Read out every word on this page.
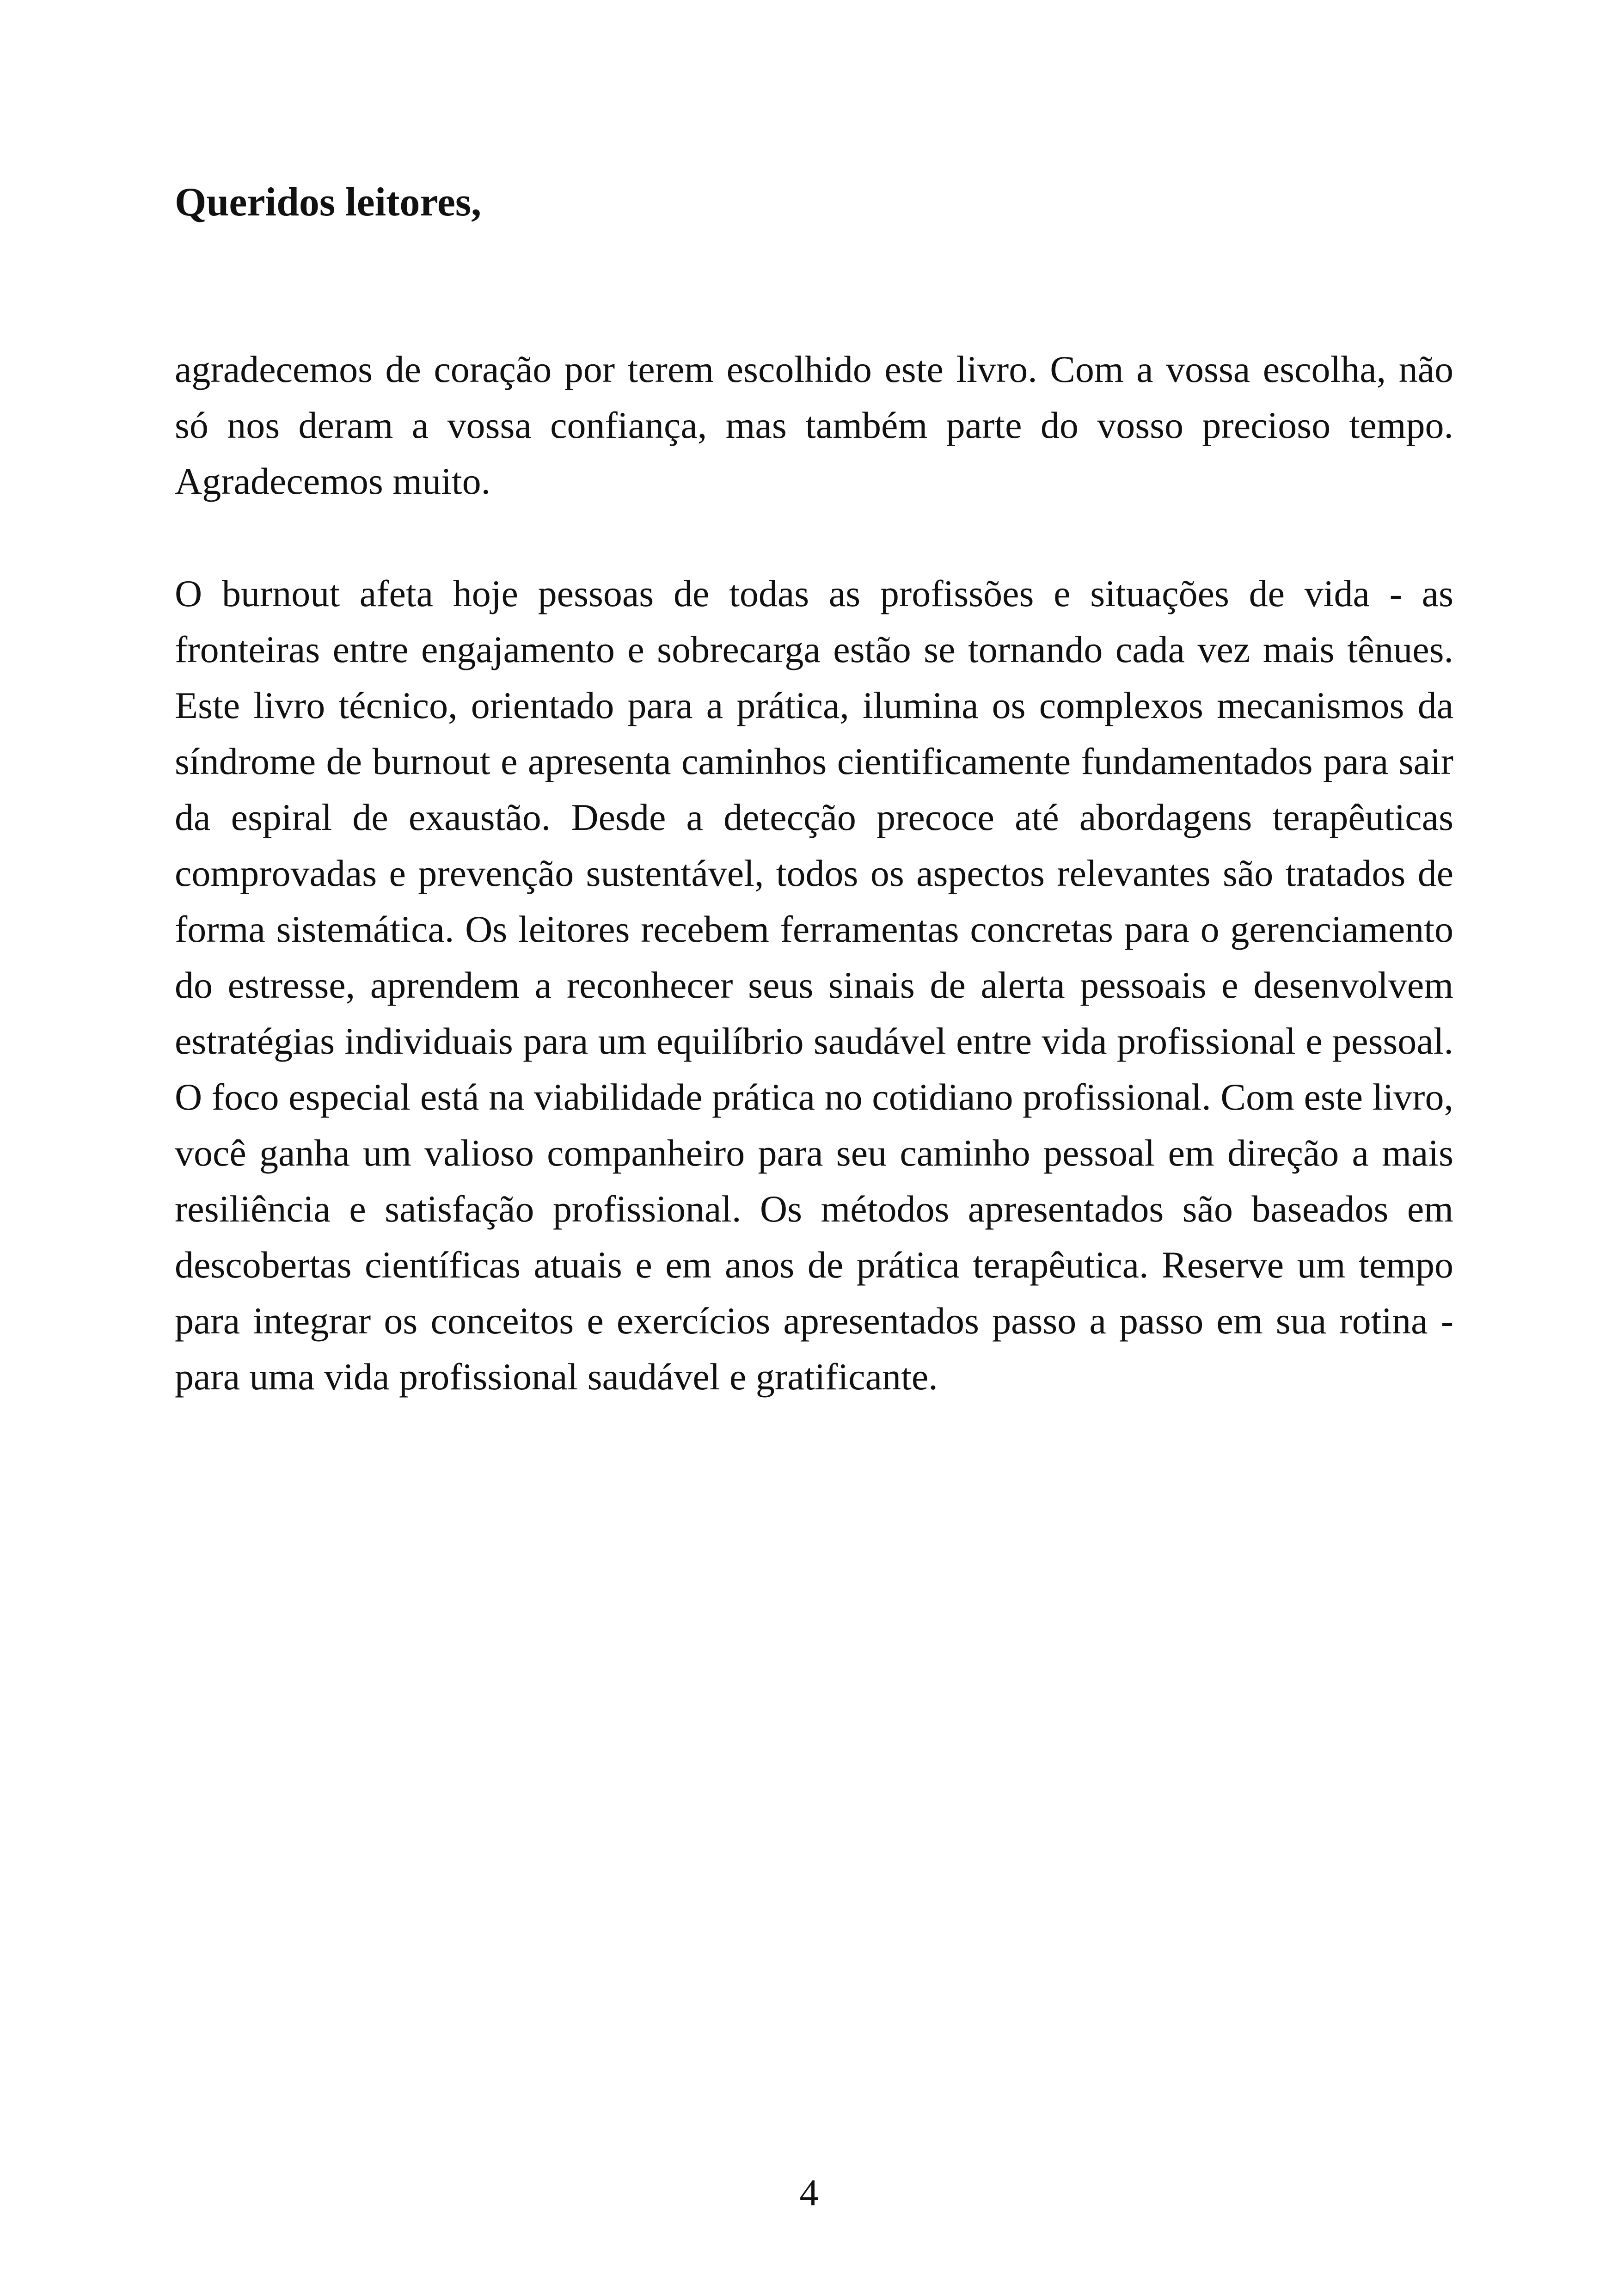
Queridos leitores,

agradecemos de coração por terem escolhido este livro. Com a vossa escolha, não só nos deram a vossa confiança, mas também parte do vosso precioso tempo. Agradecemos muito.

O burnout afeta hoje pessoas de todas as profissões e situações de vida - as fronteiras entre engajamento e sobrecarga estão se tornando cada vez mais tênues. Este livro técnico, orientado para a prática, ilumina os complexos mecanismos da síndrome de burnout e apresenta caminhos cientificamente fundamentados para sair da espiral de exaustão. Desde a detecção precoce até abordagens terapêuticas comprovadas e prevenção sustentável, todos os aspectos relevantes são tratados de forma sistemática. Os leitores recebem ferramentas concretas para o gerenciamento do estresse, aprendem a reconhecer seus sinais de alerta pessoais e desenvolvem estratégias individuais para um equilíbrio saudável entre vida profissional e pessoal. O foco especial está na viabilidade prática no cotidiano profissional. Com este livro, você ganha um valioso companheiro para seu caminho pessoal em direção a mais resiliência e satisfação profissional. Os métodos apresentados são baseados em descobertas científicas atuais e em anos de prática terapêutica. Reserve um tempo para integrar os conceitos e exercícios apresentados passo a passo em sua rotina - para uma vida profissional saudável e gratificante.

4
